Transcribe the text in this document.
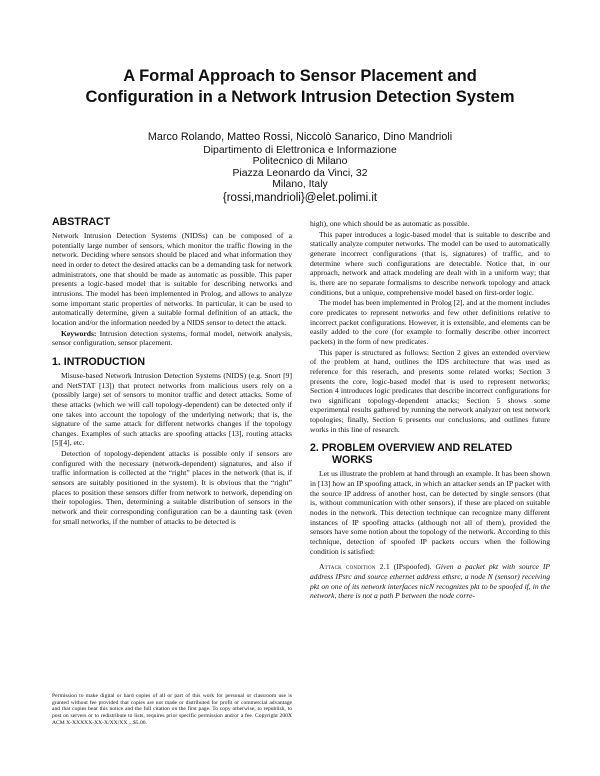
A Formal Approach to Sensor Placement and
Configuration in a Network Intrusion Detection System
Marco Rolando, Matteo Rossi, Niccolò Sanarico, Dino Mandrioli
Dipartimento di Elettronica e Informazione
Politecnico di Milano
Piazza Leonardo da Vinci, 32
Milano, Italy
{rossi,mandrioli}@elet.polimi.it
ABSTRACT

Network Intrusion Detection Systems (NIDSs) can be composed of a potentially large number of sensors, which monitor the traffic flowing in the network. Deciding where sensors should be placed and what information they need in order to detect the desired attacks can be a demanding task for network administrators, one that should be made as automatic as possible. This paper presents a logic-based model that is suitable for describing networks and intrusions. The model has been implemented in Prolog, and allows to analyze some important static properties of networks. In particular, it can be used to automatically determine, given a suitable formal definition of an attack, the location and/or the information needed by a NIDS sensor to detect the attack.

Keywords: Intrusion detection systems, formal model, network analysis, sensor configuration, sensor placement.

1. INTRODUCTION

Misuse-based Network Intrusion Detection Systems (NIDS) (e.g. Snort [9] and NetSTAT [13]) that protect networks from malicious users rely on a (possibly large) set of sensors to monitor traffic and detect attacks. Some of these attacks (which we will call topology-dependent) can be detected only if one takes into account the topology of the underlying network; that is, the signature of the same attack for different networks changes if the topology changes. Examples of such attacks are spoofing attacks [13], routing attacks [5][4], etc.

Detection of topology-dependent attacks is possible only if sensors are configured with the necessary (network-dependent) signatures, and also if traffic information is collected at the “right” places in the network (that is, if sensors are suitably positioned in the system). It is obvious that the “right” places to position these sensors differ from network to network, depending on their topologies. Then, determining a suitable distribution of sensors in the network and their corresponding configuration can be a daunting task (even for small networks, if the number of attacks to be detected is

Permission to make digital or hard copies of all or part of this work for personal or classroom use is granted without fee provided that copies are not made or distributed for profit or commercial advantage and that copies bear this notice and the full citation on the first page. To copy otherwise, to republish, to post on servers or to redistribute to lists, requires prior specific permission and/or a fee. Copyright 200X ACM X-XXXXX-XX-X/XX/XX ...$5.00.

high), one which should be as automatic as possible.

This paper introduces a logic-based model that is suitable to describe and statically analyze computer networks. The model can be used to automatically generate incorrect configurations (that is, signatures) of traffic, and to determine where such configurations are detectable. Notice that, in our approach, network and attack modeling are dealt with in a uniform way; that is, there are no separate formalisms to describe network topology and attack conditions, but a unique, comprehensive model based on first-order logic.

The model has been implemented in Prolog [2], and at the moment includes core predicates to represent networks and few other definitions relative to incorrect packet configurations. However, it is extensible, and elements can be easily added to the core (for example to formally describe other incorrect packets) in the form of new predicates.

This paper is structured as follows: Section 2 gives an extended overview of the problem at hand, outlines the IDS architecture that was used as reference for this reserach, and presents some related works; Section 3 presents the core, logic-based model that is used to represent networks; Section 4 introduces logic predicates that describe incorrect configurations for two significant topology-dependent attacks; Section 5 shows some experimental results gathered by running the network analyzer on test network topologies; finally, Section 6 presents our conclusions, and outlines future works in this line of research.

2. PROBLEM OVERVIEW AND RELATED
WORKS

Let us illustrate the problem at hand through an example. It has been shown in [13] how an IP spoofing attack, in which an attacker sends an IP packet with the source IP address of another host, can be detected by single sensors (that is, without communication with other sensors), if these are placed on suitable nodes in the network. This detection technique can recognize many different instances of IP spoofing attacks (although not all of them), provided the sensors have some notion about the topology of the network. According to this technique, detection of spoofed IP packets occurs when the following condition is satisfied:

Attack condition 2.1 (IPspoofed). Given a packet pkt with source IP address IPsrc and source ethernet address ethsrc, a node N (sensor) receiving pkt on one of its network interfaces nicN recognizes pkt to be spoofed if, in the network, there is not a path P between the node corre-
